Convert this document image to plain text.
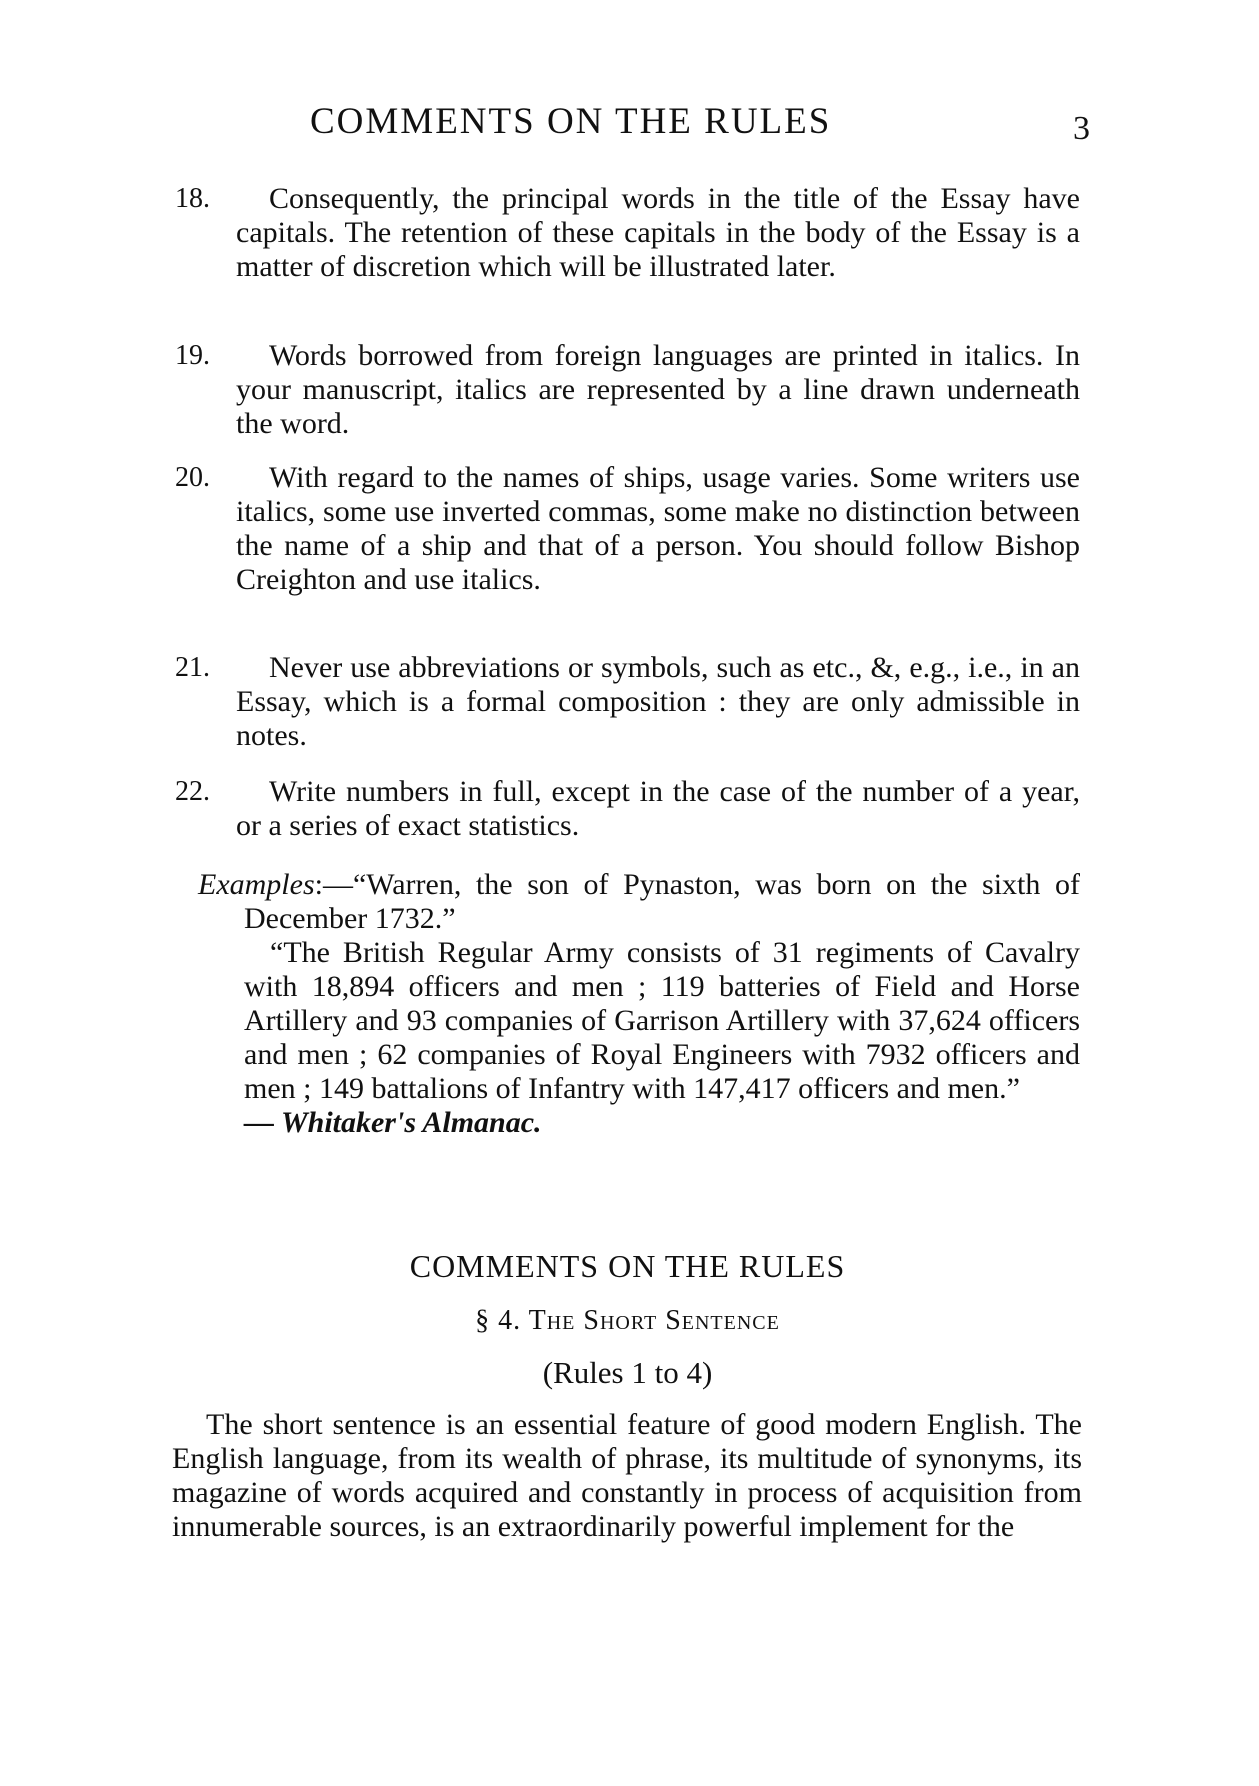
COMMENTS ON THE RULES	3
18.	Consequently, the principal words in the title of the Essay have capitals. The retention of these capitals in the body of the Essay is a matter of discretion which will be illustrated later.

19.	Words borrowed from foreign languages are printed in italics. In your manuscript, italics are represented by a line drawn underneath the word.

20.	With regard to the names of ships, usage varies. Some writers use italics, some use inverted commas, some make no distinction between the name of a ship and that of a person. You should follow Bishop Creighton and use italics.

21.	Never use abbreviations or symbols, such as etc., &, e.g., i.e., in an Essay, which is a formal composition : they are only admissible in notes.

22.	Write numbers in full, except in the case of the number of a year, or a series of exact statistics.

Examples:—“Warren, the son of Pynaston, was born on the sixth of December 1732.”

“The British Regular Army consists of 31 regiments of Cavalry with 18,894 officers and men ; 119 batteries of Field and Horse Artillery and 93 companies of Garrison Artillery with 37,624 officers and men ; 62 companies of Royal Engineers with 7932 officers and men ; 149 battalions of Infantry with 147,417 officers and men.”

— Whitaker's Almanac.

COMMENTS ON THE RULES
§ 4. The Short Sentence
(Rules 1 to 4)

The short sentence is an essential feature of good modern English. The English language, from its wealth of phrase, its multitude of synonyms, its magazine of words acquired and constantly in process of acquisition from innumerable sources, is an extraordinarily powerful implement for the
